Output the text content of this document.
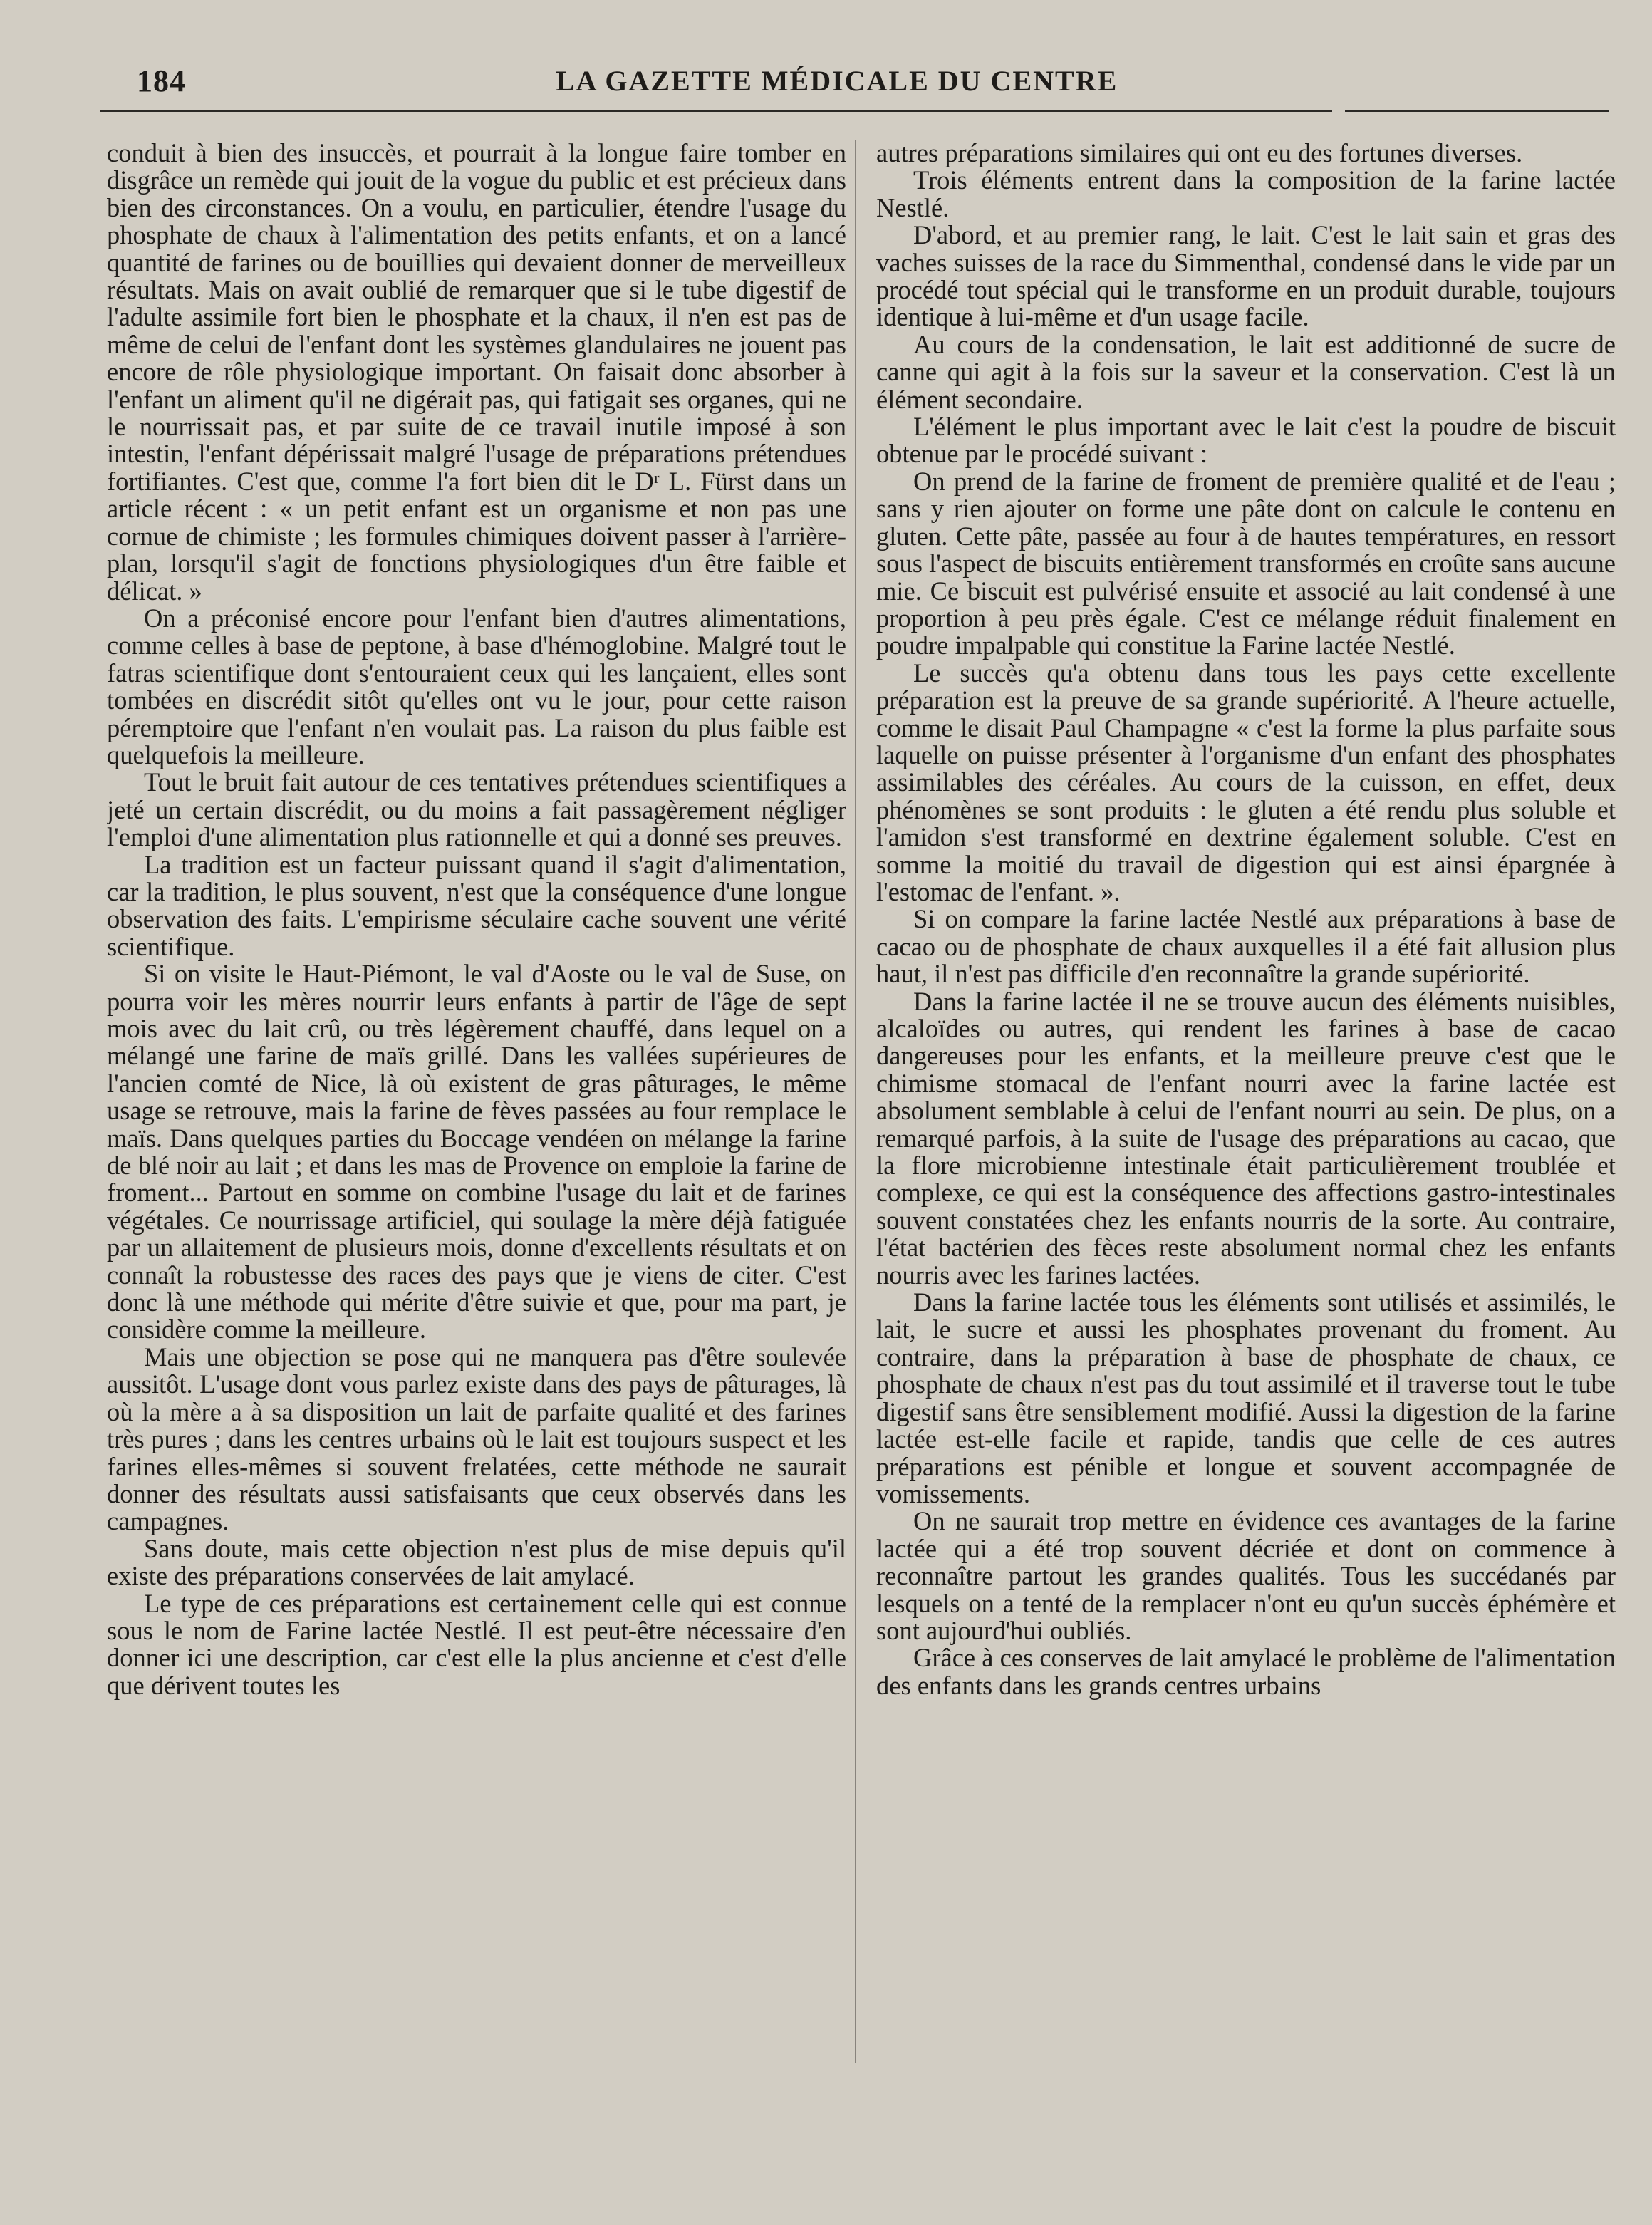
184	LA GAZETTE MÉDICALE DU CENTRE

conduit à bien des insuccès, et pourrait à la longue faire tomber en disgrâce un remède qui jouit de la vogue du public et est précieux dans bien des circonstances. On a voulu, en particulier, étendre l'usage du phosphate de chaux à l'alimentation des petits enfants, et on a lancé quantité de farines ou de bouillies qui devaient donner de merveilleux résultats. Mais on avait oublié de remarquer que si le tube digestif de l'adulte assimile fort bien le phosphate et la chaux, il n'en est pas de même de celui de l'enfant dont les systèmes glandulaires ne jouent pas encore de rôle physiologique important. On faisait donc absorber à l'enfant un aliment qu'il ne digérait pas, qui fatigait ses organes, qui ne le nourrissait pas, et par suite de ce travail inutile imposé à son intestin, l'enfant dépérissait malgré l'usage de préparations prétendues fortifiantes. C'est que, comme l'a fort bien dit le Dʳ L. Fürst dans un article récent : « un petit enfant est un organisme et non pas une cornue de chimiste ; les formules chimiques doivent passer à l'arrière-plan, lorsqu'il s'agit de fonctions physiologiques d'un être faible et délicat. »

On a préconisé encore pour l'enfant bien d'autres alimentations, comme celles à base de peptone, à base d'hémoglobine. Malgré tout le fatras scientifique dont s'entouraient ceux qui les lançaient, elles sont tombées en discrédit sitôt qu'elles ont vu le jour, pour cette raison péremptoire que l'enfant n'en voulait pas. La raison du plus faible est quelquefois la meilleure.

Tout le bruit fait autour de ces tentatives prétendues scientifiques a jeté un certain discrédit, ou du moins a fait passagèrement négliger l'emploi d'une alimentation plus rationnelle et qui a donné ses preuves.

La tradition est un facteur puissant quand il s'agit d'alimentation, car la tradition, le plus souvent, n'est que la conséquence d'une longue observation des faits. L'empirisme séculaire cache souvent une vérité scientifique.

Si on visite le Haut-Piémont, le val d'Aoste ou le val de Suse, on pourra voir les mères nourrir leurs enfants à partir de l'âge de sept mois avec du lait crû, ou très légèrement chauffé, dans lequel on a mélangé une farine de maïs grillé. Dans les vallées supérieures de l'ancien comté de Nice, là où existent de gras pâturages, le même usage se retrouve, mais la farine de fèves passées au four remplace le maïs. Dans quelques parties du Boccage vendéen on mélange la farine de blé noir au lait ; et dans les mas de Provence on emploie la farine de froment... Partout en somme on combine l'usage du lait et de farines végétales. Ce nourrissage artificiel, qui soulage la mère déjà fatiguée par un allaitement de plusieurs mois, donne d'excellents résultats et on connaît la robustesse des races des pays que je viens de citer. C'est donc là une méthode qui mérite d'être suivie et que, pour ma part, je considère comme la meilleure.

Mais une objection se pose qui ne manquera pas d'être soulevée aussitôt. L'usage dont vous parlez existe dans des pays de pâturages, là où la mère a à sa disposition un lait de parfaite qualité et des farines très pures ; dans les centres urbains où le lait est toujours suspect et les farines elles-mêmes si souvent frelatées, cette méthode ne saurait donner des résultats aussi satisfaisants que ceux observés dans les campagnes.

Sans doute, mais cette objection n'est plus de mise depuis qu'il existe des préparations conservées de lait amylacé.

Le type de ces préparations est certainement celle qui est connue sous le nom de Farine lactée Nestlé. Il est peut-être nécessaire d'en donner ici une description, car c'est elle la plus ancienne et c'est d'elle que dérivent toutes les

autres préparations similaires qui ont eu des fortunes diverses.

Trois éléments entrent dans la composition de la farine lactée Nestlé.

D'abord, et au premier rang, le lait. C'est le lait sain et gras des vaches suisses de la race du Simmenthal, condensé dans le vide par un procédé tout spécial qui le transforme en un produit durable, toujours identique à lui-même et d'un usage facile.

Au cours de la condensation, le lait est additionné de sucre de canne qui agit à la fois sur la saveur et la conservation. C'est là un élément secondaire.

L'élément le plus important avec le lait c'est la poudre de biscuit obtenue par le procédé suivant :

On prend de la farine de froment de première qualité et de l'eau ; sans y rien ajouter on forme une pâte dont on calcule le contenu en gluten. Cette pâte, passée au four à de hautes températures, en ressort sous l'aspect de biscuits entièrement transformés en croûte sans aucune mie. Ce biscuit est pulvérisé ensuite et associé au lait condensé à une proportion à peu près égale. C'est ce mélange réduit finalement en poudre impalpable qui constitue la Farine lactée Nestlé.

Le succès qu'a obtenu dans tous les pays cette excellente préparation est la preuve de sa grande supériorité. A l'heure actuelle, comme le disait Paul Champagne « c'est la forme la plus parfaite sous laquelle on puisse présenter à l'organisme d'un enfant des phosphates assimilables des céréales. Au cours de la cuisson, en effet, deux phénomènes se sont produits : le gluten a été rendu plus soluble et l'amidon s'est transformé en dextrine également soluble. C'est en somme la moitié du travail de digestion qui est ainsi épargnée à l'estomac de l'enfant. ».

Si on compare la farine lactée Nestlé aux préparations à base de cacao ou de phosphate de chaux auxquelles il a été fait allusion plus haut, il n'est pas difficile d'en reconnaître la grande supériorité.

Dans la farine lactée il ne se trouve aucun des éléments nuisibles, alcaloïdes ou autres, qui rendent les farines à base de cacao dangereuses pour les enfants, et la meilleure preuve c'est que le chimisme stomacal de l'enfant nourri avec la farine lactée est absolument semblable à celui de l'enfant nourri au sein. De plus, on a remarqué parfois, à la suite de l'usage des préparations au cacao, que la flore microbienne intestinale était particulièrement troublée et complexe, ce qui est la conséquence des affections gastro-intestinales souvent constatées chez les enfants nourris de la sorte. Au contraire, l'état bactérien des fèces reste absolument normal chez les enfants nourris avec les farines lactées.

Dans la farine lactée tous les éléments sont utilisés et assimilés, le lait, le sucre et aussi les phosphates provenant du froment. Au contraire, dans la préparation à base de phosphate de chaux, ce phosphate de chaux n'est pas du tout assimilé et il traverse tout le tube digestif sans être sensiblement modifié. Aussi la digestion de la farine lactée est-elle facile et rapide, tandis que celle de ces autres préparations est pénible et longue et souvent accompagnée de vomissements.

On ne saurait trop mettre en évidence ces avantages de la farine lactée qui a été trop souvent décriée et dont on commence à reconnaître partout les grandes qualités. Tous les succédanés par lesquels on a tenté de la remplacer n'ont eu qu'un succès éphémère et sont aujourd'hui oubliés.

Grâce à ces conserves de lait amylacé le problème de l'alimentation des enfants dans les grands centres urbains
